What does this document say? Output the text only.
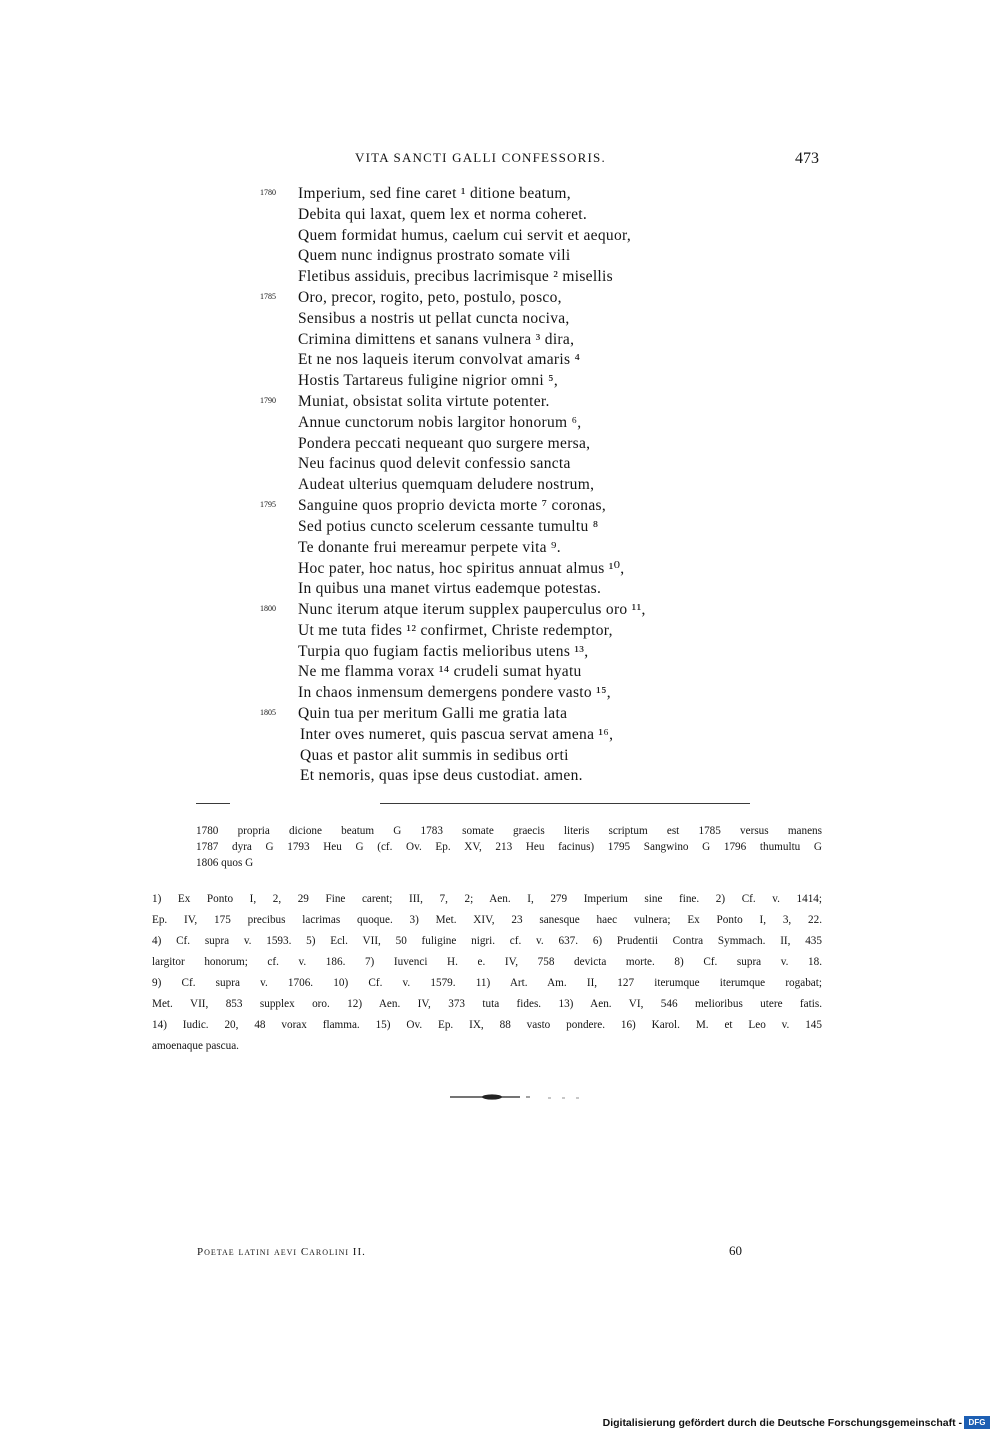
VITA SANCTI GALLI CONFESSORIS.	473
1780 Imperium, sed fine caret ¹ ditione beatum,
Debita qui laxat, quem lex et norma coheret.
Quem formidat humus, caelum cui servit et aequor,
Quem nunc indignus prostrato somate vili
Fletibus assiduis, precibus lacrimisque ² misellis
1785 Oro, precor, rogito, peto, postulo, posco,
Sensibus a nostris ut pellat cuncta nociva,
Crimina dimittens et sanans vulnera ³ dira,
Et ne nos laqueis iterum convolvat amaris ⁴
Hostis Tartareus fuligine nigrior omni ⁵,
1790 Muniat, obsistat solita virtute potenter.
Annue cunctorum nobis largitor honorum ⁶,
Pondera peccati nequeant quo surgere mersa,
Neu facinus quod delevit confessio sancta
Audeat ulterius quemquam deludere nostrum,
1795 Sanguine quos proprio devicta morte ⁷ coronas,
Sed potius cuncto scelerum cessante tumultu ⁸
Te donante frui mereamur perpete vita ⁹.
Hoc pater, hoc natus, hoc spiritus annuat almus ¹⁰,
In quibus una manet virtus eademque potestas.
1800 Nunc iterum atque iterum supplex pauperculus oro ¹¹,
Ut me tuta fides ¹² confirmet, Christe redemptor,
Turpia quo fugiam factis melioribus utens ¹³,
Ne me flamma vorax ¹⁴ crudeli sumat hyatu
In chaos inmensum demergens pondere vasto ¹⁵,
1805 Quin tua per meritum Galli me gratia lata
Inter oves numeret, quis pascua servat amena ¹⁶,
Quas et pastor alit summis in sedibus orti
Et nemoris, quas ipse deus custodiat. amen.
1780 propria dicione beatum G 1783 somate graecis literis scriptum est 1785 versus manens
1787 dyra G 1793 Heu G (cf. Ov. Ep. XV, 213 Heu facinus) 1795 Sangwino G 1796 thumultu G
1806 quos G
1) Ex Ponto I, 2, 29 Fine carent; III, 7, 2; Aen. I, 279 Imperium sine fine. 2) Cf. v. 1414;
Ep. IV, 175 precibus lacrimas quoque. 3) Met. XIV, 23 sanesque haec vulnera; Ex Ponto I, 3, 22.
4) Cf. supra v. 1593. 5) Ecl. VII, 50 fuligine nigri. cf. v. 637. 6) Prudentii Contra Symmach. II, 435
largitor honorum; cf. v. 186. 7) Iuvenci H. e. IV, 758 devicta morte. 8) Cf. supra v. 18.
9) Cf. supra v. 1706. 10) Cf. v. 1579. 11) Art. Am. II, 127 iterumque iterumque rogabat;
Met. VII, 853 supplex oro. 12) Aen. IV, 373 tuta fides. 13) Aen. VI, 546 melioribus utere fatis.
14) Iudic. 20, 48 vorax flamma. 15) Ov. Ep. IX, 88 vasto pondere. 16) Karol. M. et Leo v. 145
amoenaque pascua.
Poetae latini aevi Carolini II.	60
Digitalisierung gefördert durch die Deutsche Forschungsgemeinschaft - DFG
